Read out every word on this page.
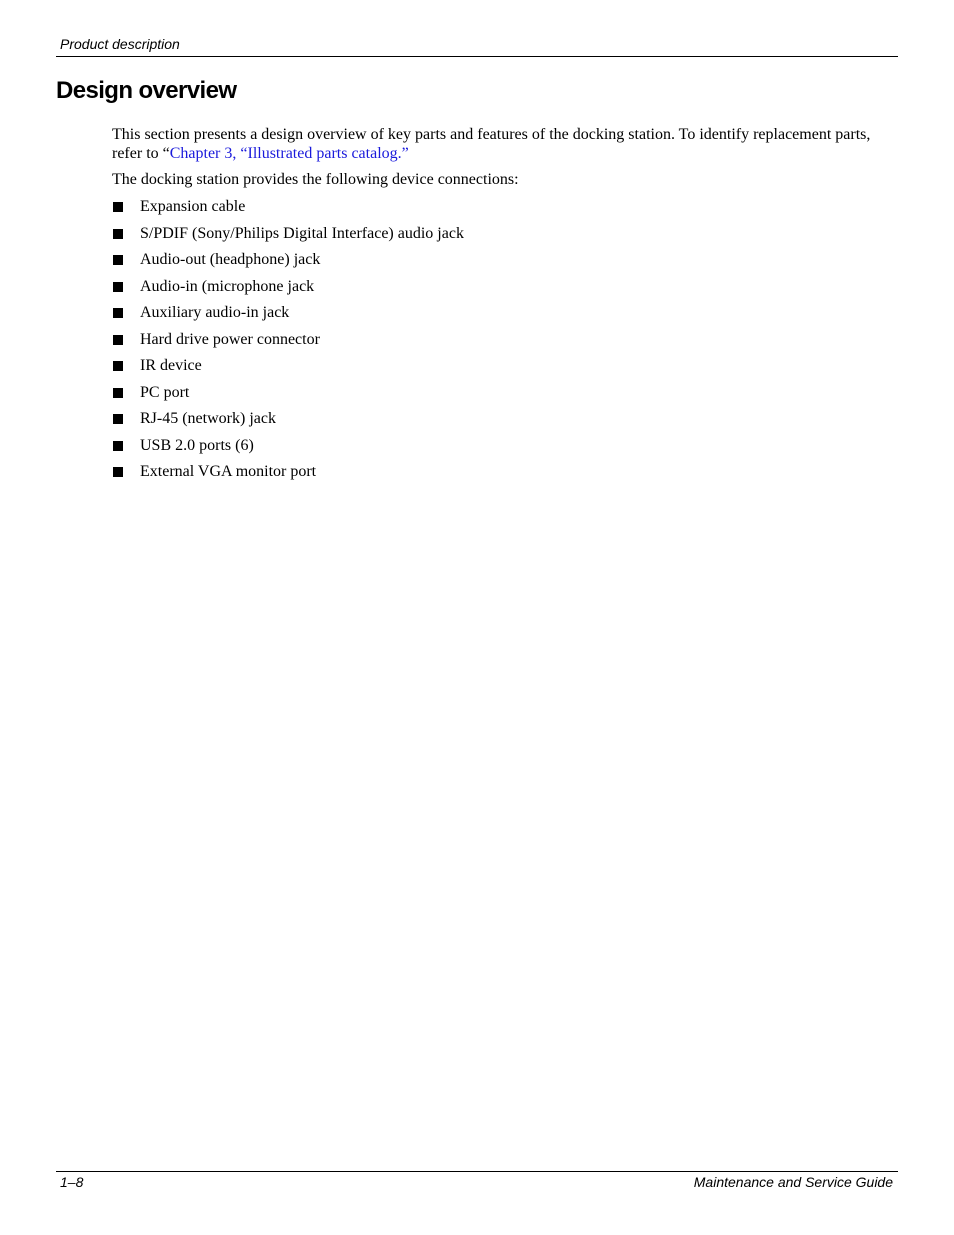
Product description
Design overview

This section presents a design overview of key parts and features of the docking station. To identify replacement parts, refer to “Chapter 3, “Illustrated parts catalog.”

The docking station provides the following device connections:

Expansion cable
S/PDIF (Sony/Philips Digital Interface) audio jack
Audio-out (headphone) jack
Audio-in (microphone jack
Auxiliary audio-in jack
Hard drive power connector
IR device
PC port
RJ-45 (network) jack
USB 2.0 ports (6)
External VGA monitor port
1–8	Maintenance and Service Guide
